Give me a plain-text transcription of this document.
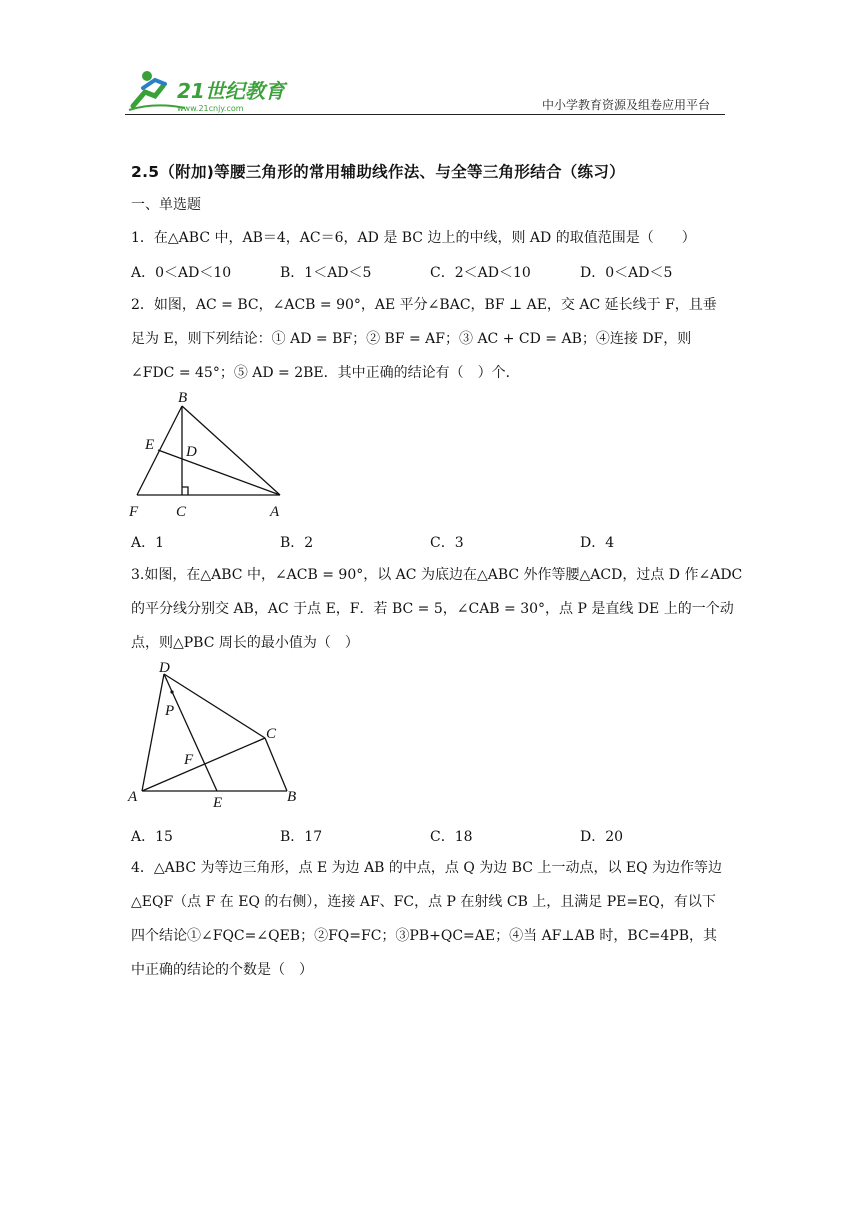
21世纪教育
www.21cnjy.com	中小学教育资源及组卷应用平台
2.5（附加)等腰三角形的常用辅助线作法、与全等三角形结合（练习）
一、单选题
1．在△ABC 中，AB＝4，AC＝6，AD 是 BC 边上的中线，则 AD 的取值范围是（　　）
A．0＜AD＜10	B．1＜AD＜5	C．2＜AD＜10	D．0＜AD＜5
2．如图，AC = BC，∠ACB = 90°，AE 平分∠BAC，BF ⊥ AE，交 AC 延长线于 F，且垂
足为 E，则下列结论：① AD = BF；② BF = AF；③ AC + CD = AB；④连接 DF，则
∠FDC = 45°；⑤ AD = 2BE．其中正确的结论有（　）个．
B
E D
F	C	A
A．1	B．2	C．3	D．4
3.如图，在△ABC 中，∠ACB = 90°，以 AC 为底边在△ABC 外作等腰△ACD，过点 D 作∠ADC
的平分线分别交 AB，AC 于点 E，F．若 BC = 5，∠CAB = 30°，点 P 是直线 DE 上的一个动
点，则△PBC 周长的最小值为（　）
D
P
C
F
A	E	B
A．15	B．17	C．18	D．20
4．△ABC 为等边三角形，点 E 为边 AB 的中点，点 Q 为边 BC 上一动点，以 EQ 为边作等边
△EQF（点 F 在 EQ 的右侧），连接 AF、FC，点 P 在射线 CB 上，且满足 PE=EQ，有以下
四个结论①∠FQC=∠QEB；②FQ=FC；③PB+QC=AE；④当 AF⊥AB 时，BC=4PB，其
中正确的结论的个数是（　）
